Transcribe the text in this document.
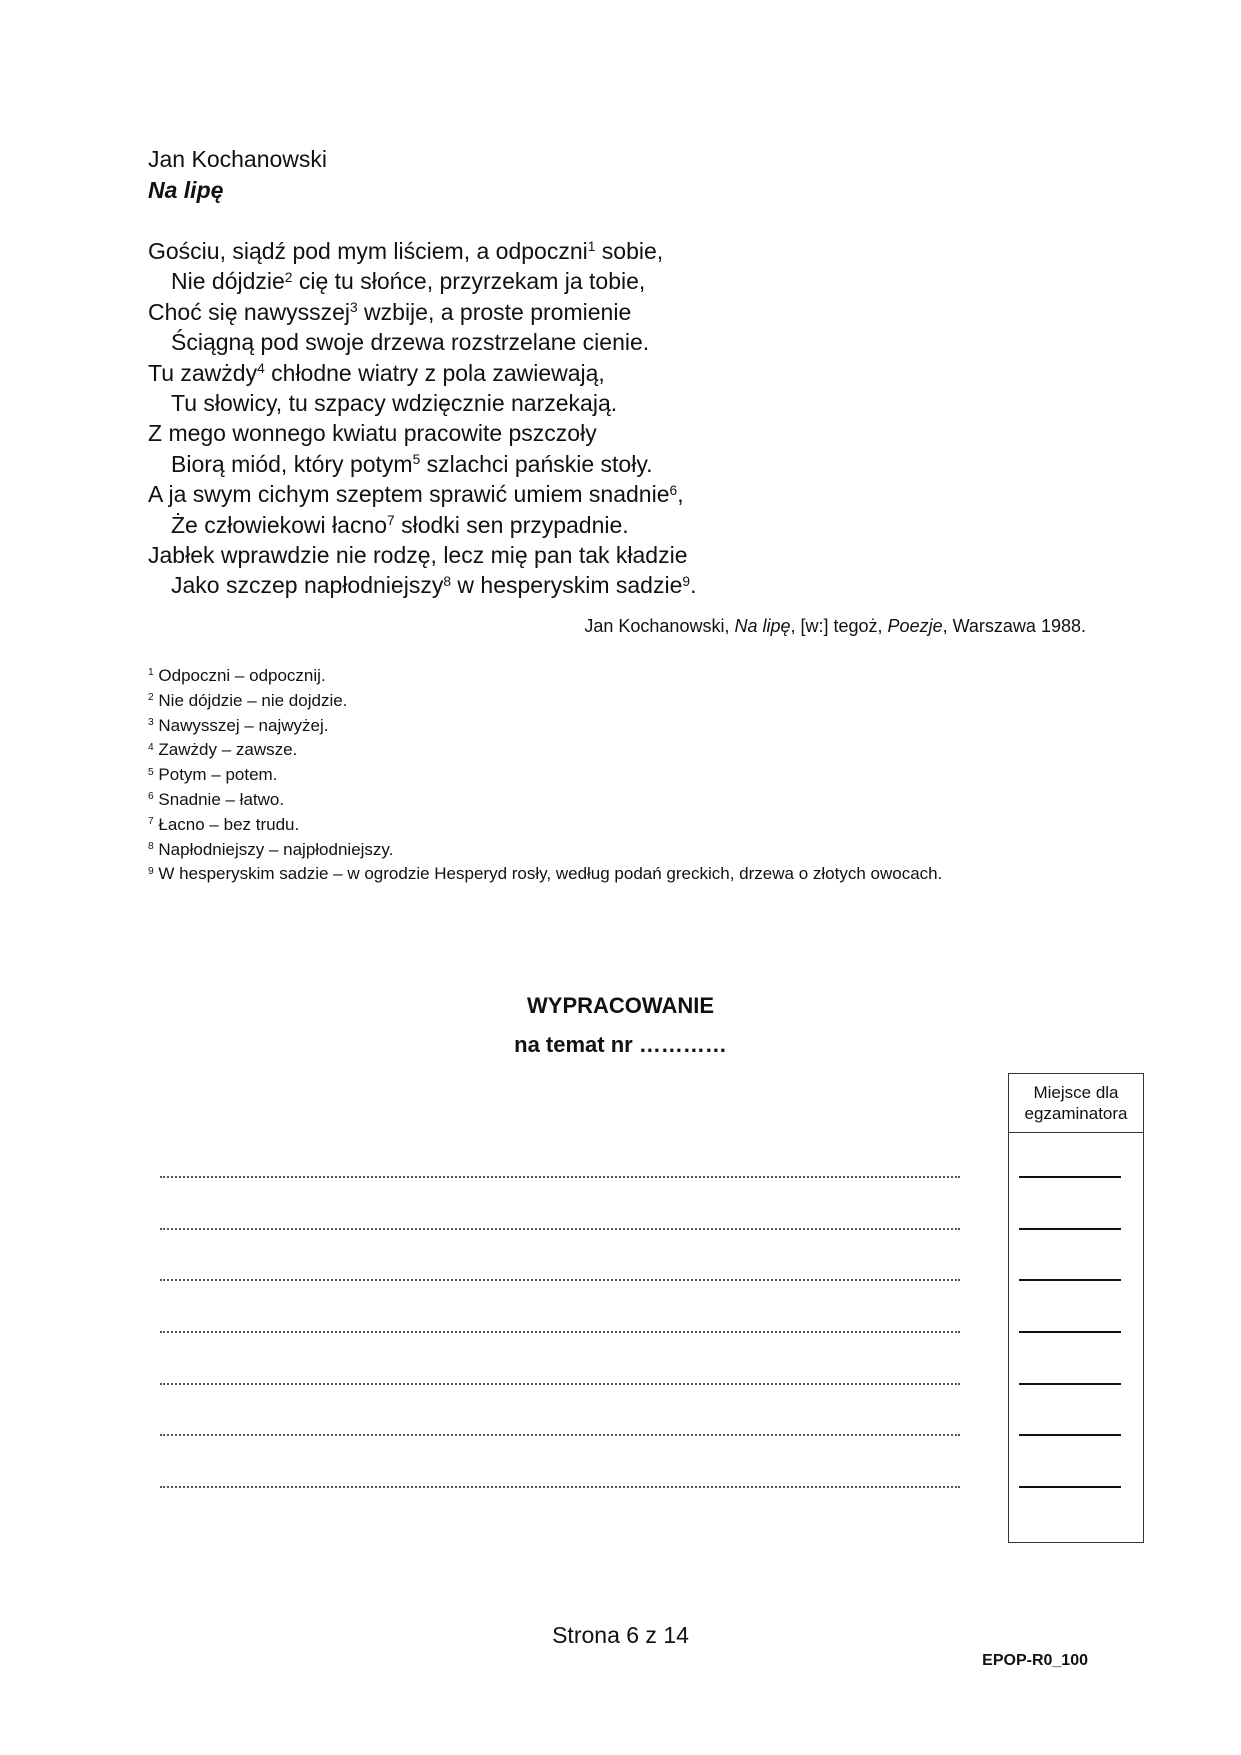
Jan Kochanowski
Na lipę
Gościu, siądź pod mym liściem, a odpoczni$^1$ sobie,
Nie dójdzie$^2$ cię tu słońce, przyrzekam ja tobie,
Choć się nawysszej$^3$ wzbije, a proste promienie
Ściągną pod swoje drzewa rozstrzelane cienie.
Tu zawżdy$^4$ chłodne wiatry z pola zawiewają,
Tu słowicy, tu szpacy wdzięcznie narzekają.
Z mego wonnego kwiatu pracowite pszczoły
Biorą miód, który potym$^5$ szlachci pańskie stoły.
A ja swym cichym szeptem sprawić umiem snadnie$^6$,
Że człowiekowi łacno$^7$ słodki sen przypadnie.
Jabłek wprawdzie nie rodzę, lecz mię pan tak kładzie
Jako szczep napłodniejszy$^8$ w hesperyskim sadzie$^9$.
Jan Kochanowski, Na lipę, [w:] tegoż, Poezje, Warszawa 1988.
$^1$ Odpoczni – odpocznij.
$^2$ Nie dójdzie – nie dojdzie.
$^3$ Nawysszej – najwyżej.
$^4$ Zawżdy – zawsze.
$^5$ Potym – potem.
$^6$ Snadnie – łatwo.
$^7$ Łacno – bez trudu.
$^8$ Napłodniejszy – najpłodniejszy.
$^9$ W hesperyskim sadzie – w ogrodzie Hesperyd rosły, według podań greckich, drzewa o złotych owocach.
WYPRACOWANIE
na temat nr …………
Miejsce dla
egzaminatora
Strona 6 z 14
EPOP-R0_100
